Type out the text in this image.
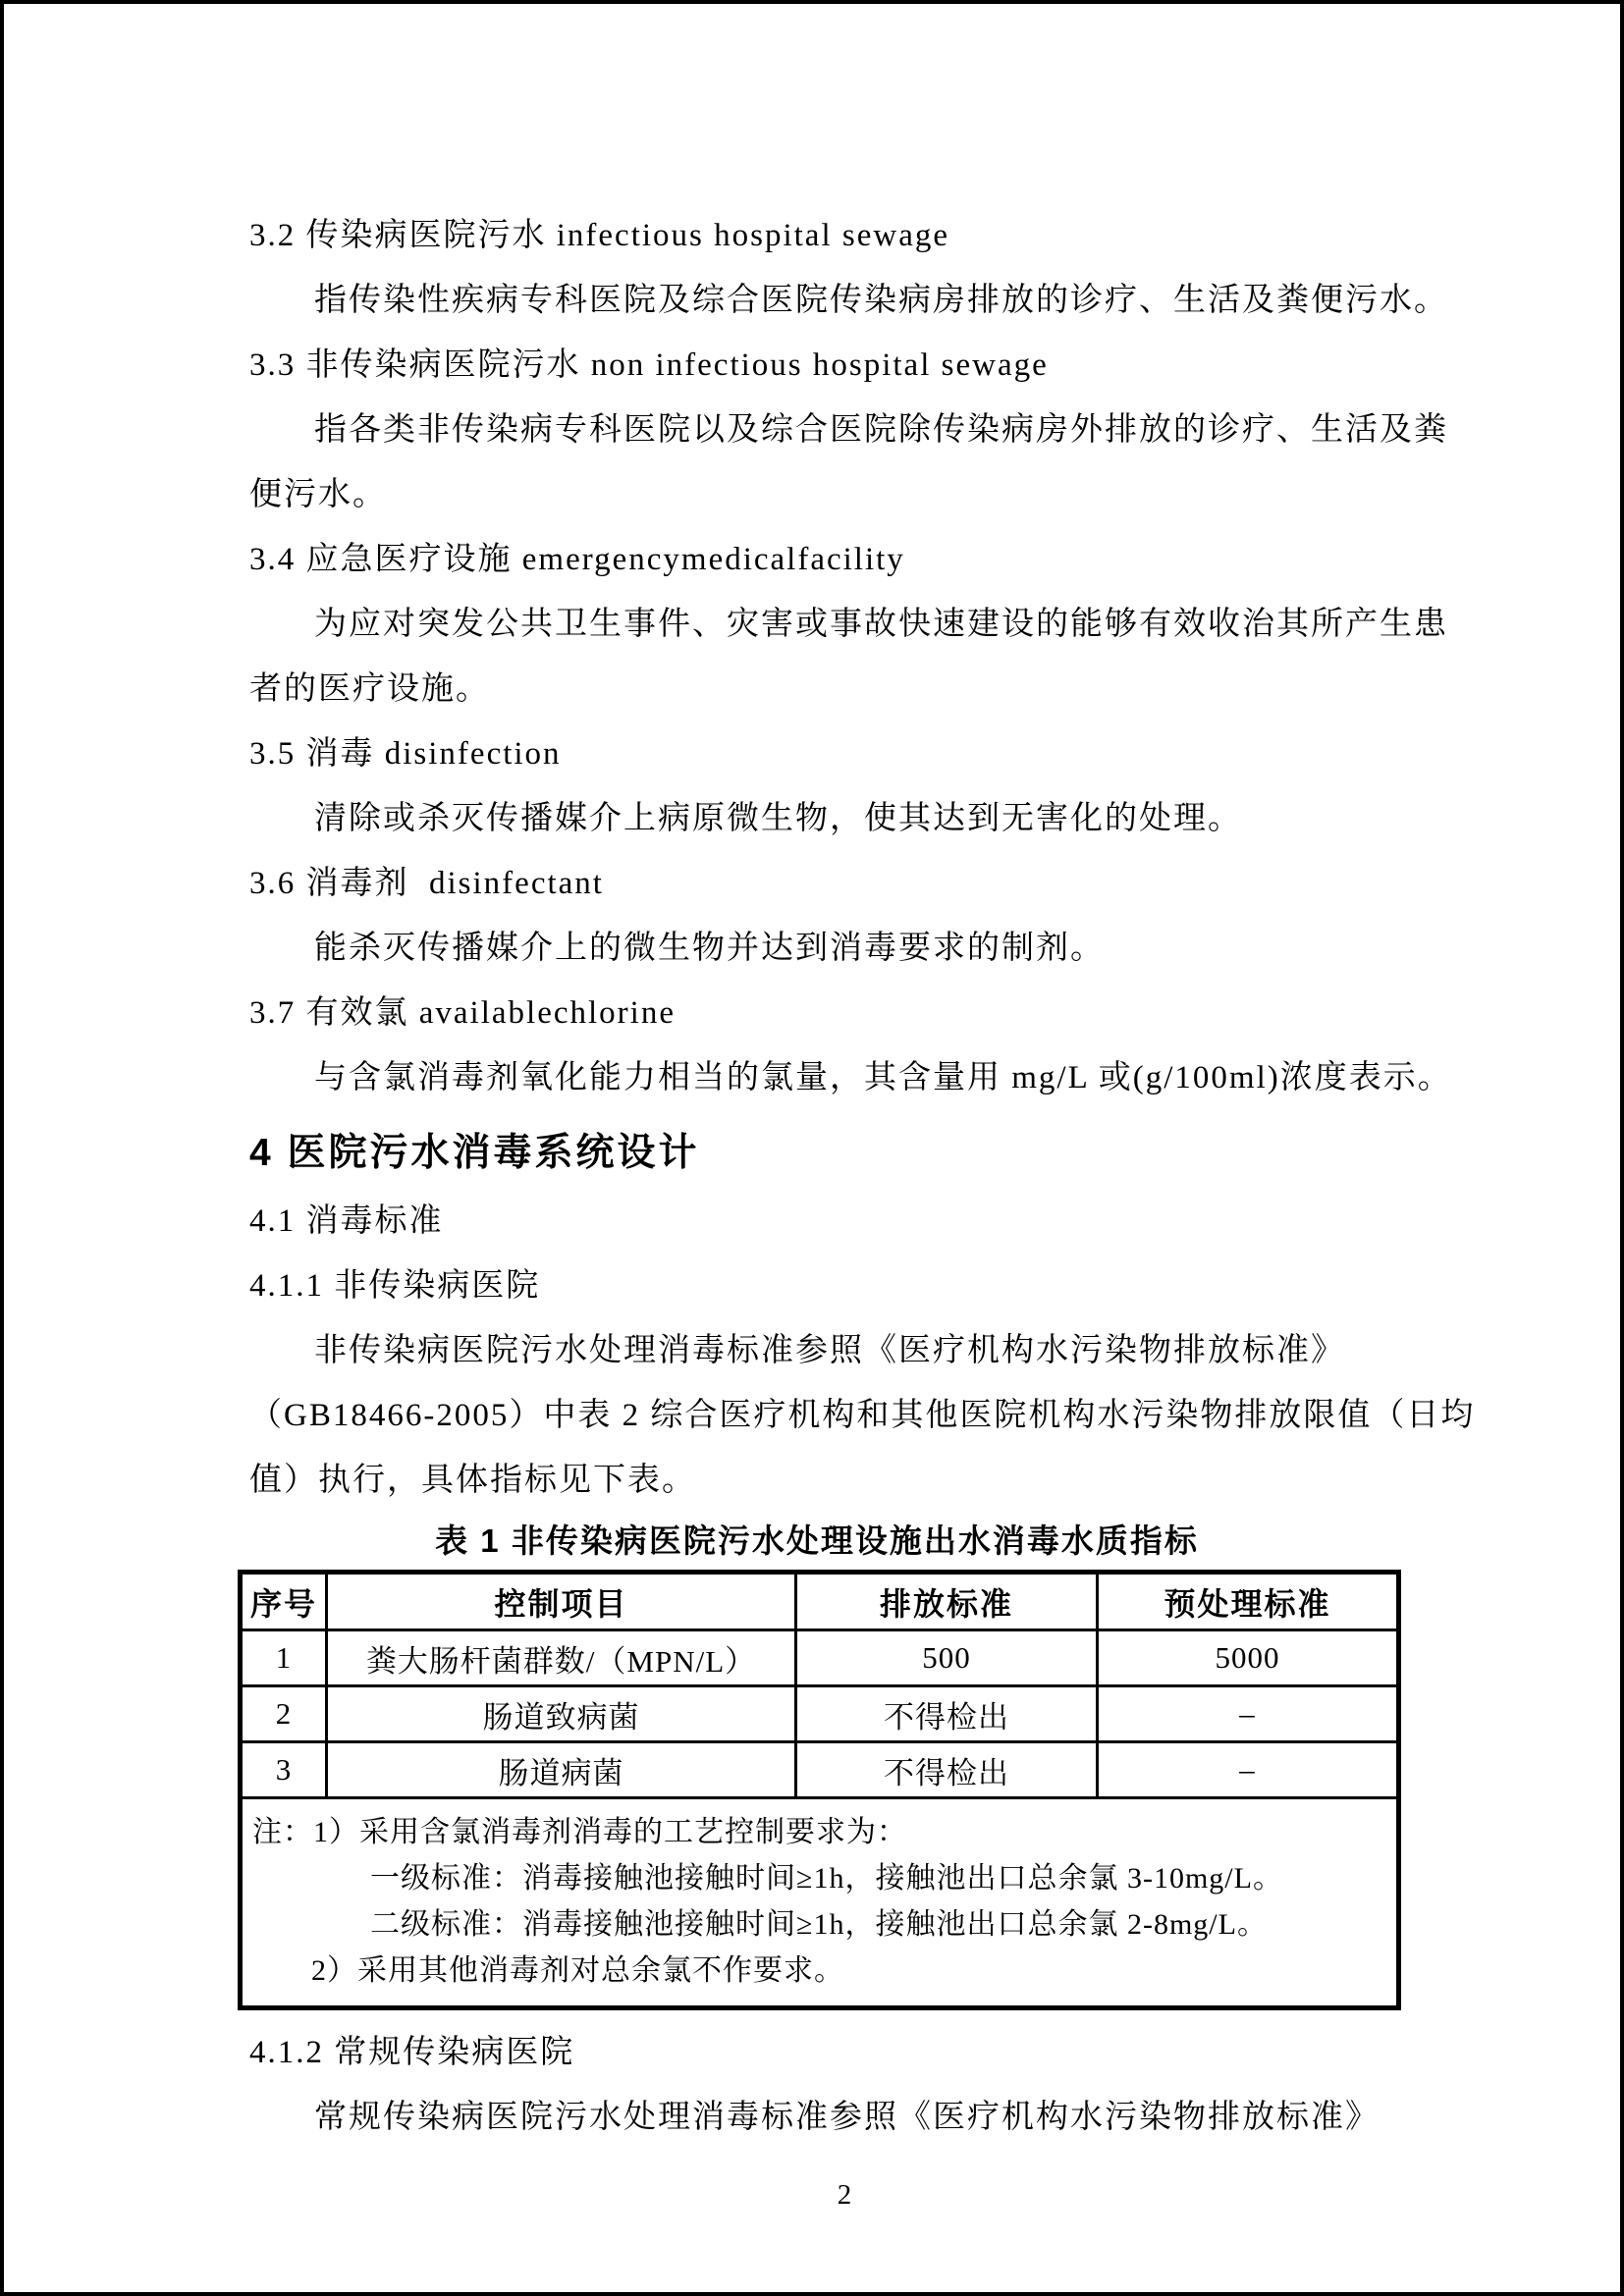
3.2 传染病医院污水 infectious hospital sewage
指传染性疾病专科医院及综合医院传染病房排放的诊疗、生活及粪便污水。
3.3 非传染病医院污水 non infectious hospital sewage
指各类非传染病专科医院以及综合医院除传染病房外排放的诊疗、生活及粪
便污水。
3.4 应急医疗设施 emergencymedicalfacility
为应对突发公共卫生事件、灾害或事故快速建设的能够有效收治其所产生患
者的医疗设施。
3.5 消毒 disinfection
清除或杀灭传播媒介上病原微生物，使其达到无害化的处理。
3.6 消毒剂  disinfectant
能杀灭传播媒介上的微生物并达到消毒要求的制剂。
3.7 有效氯 availablechlorine
与含氯消毒剂氧化能力相当的氯量，其含量用 mg/L 或(g/100ml)浓度表示。
4 医院污水消毒系统设计
4.1 消毒标准
4.1.1 非传染病医院
非传染病医院污水处理消毒标准参照《医疗机构水污染物排放标准》
（GB18466-2005）中表 2 综合医疗机构和其他医院机构水污染物排放限值（日均
值）执行，具体指标见下表。
表 1 非传染病医院污水处理设施出水消毒水质指标
序号	控制项目	排放标准	预处理标准
1	粪大肠杆菌群数/（MPN/L）	500	5000
2	肠道致病菌	不得检出	–
3	肠道病菌	不得检出	–

注：1）采用含氯消毒剂消毒的工艺控制要求为：
一级标准：消毒接触池接触时间≥1h，接触池出口总余氯 3-10mg/L。
二级标准：消毒接触池接触时间≥1h，接触池出口总余氯 2-8mg/L。
2）采用其他消毒剂对总余氯不作要求。			
4.1.2 常规传染病医院
常规传染病医院污水处理消毒标准参照《医疗机构水污染物排放标准》
2
